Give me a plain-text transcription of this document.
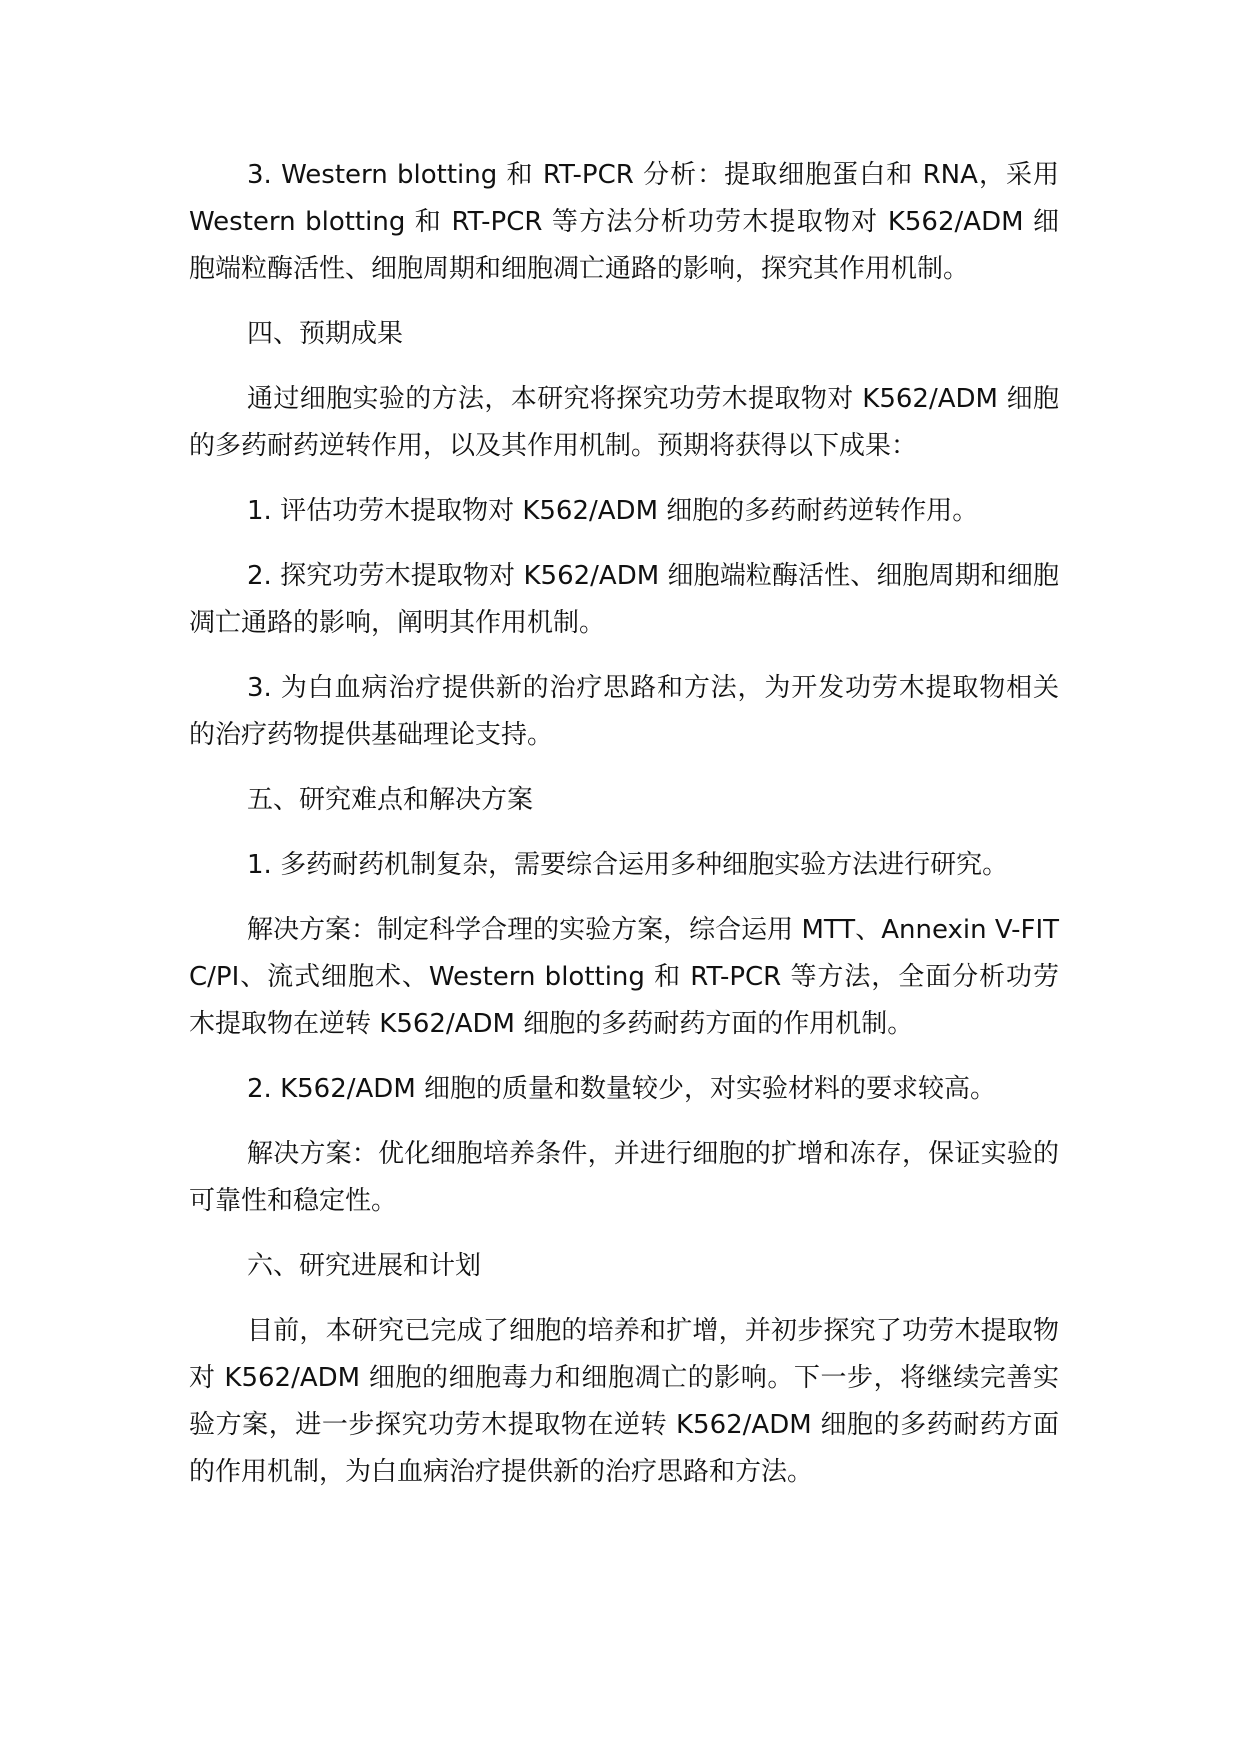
3. Western blotting 和 RT-PCR 分析：提取细胞蛋白和 RNA，采用 Western blotting 和 RT-PCR 等方法分析功劳木提取物对 K562/ADM 细胞端粒酶活性、细胞周期和细胞凋亡通路的影响，探究其作用机制。

四、预期成果

通过细胞实验的方法，本研究将探究功劳木提取物对 K562/ADM 细胞的多药耐药逆转作用，以及其作用机制。预期将获得以下成果：

1. 评估功劳木提取物对 K562/ADM 细胞的多药耐药逆转作用。

2. 探究功劳木提取物对 K562/ADM 细胞端粒酶活性、细胞周期和细胞凋亡通路的影响，阐明其作用机制。

3. 为白血病治疗提供新的治疗思路和方法，为开发功劳木提取物相关的治疗药物提供基础理论支持。

五、研究难点和解决方案

1. 多药耐药机制复杂，需要综合运用多种细胞实验方法进行研究。

解决方案：制定科学合理的实验方案，综合运用 MTT、Annexin V-FITC/PI、流式细胞术、Western blotting 和 RT-PCR 等方法，全面分析功劳木提取物在逆转 K562/ADM 细胞的多药耐药方面的作用机制。

2. K562/ADM 细胞的质量和数量较少，对实验材料的要求较高。

解决方案：优化细胞培养条件，并进行细胞的扩增和冻存，保证实验的可靠性和稳定性。

六、研究进展和计划

目前，本研究已完成了细胞的培养和扩增，并初步探究了功劳木提取物对 K562/ADM 细胞的细胞毒力和细胞凋亡的影响。下一步，将继续完善实验方案，进一步探究功劳木提取物在逆转 K562/ADM 细胞的多药耐药方面的作用机制，为白血病治疗提供新的治疗思路和方法。
